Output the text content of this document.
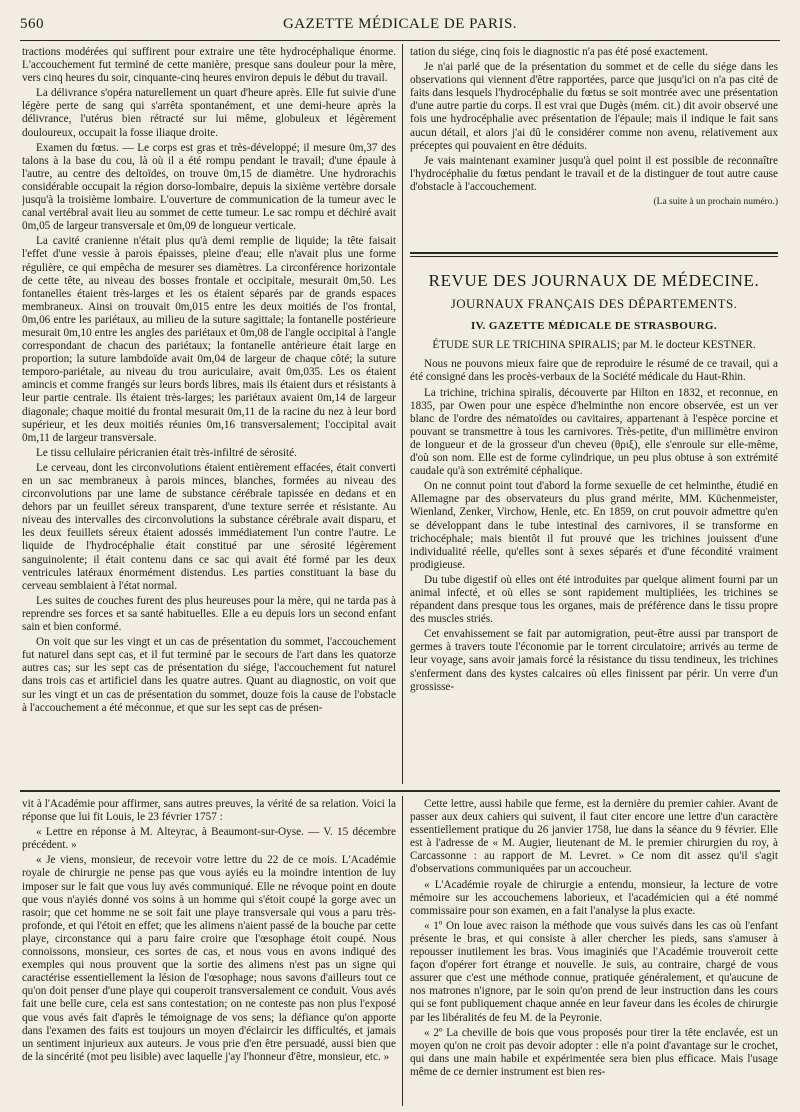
560	GAZETTE MÉDICALE DE PARIS.

tractions modérées qui suffirent pour extraire une tête hydrocéphalique énorme. L'accouchement fut terminé de cette manière, presque sans douleur pour la mère, vers cinq heures du soir, cinquante-cinq heures environ depuis le début du travail.

La délivrance s'opéra naturellement un quart d'heure après. Elle fut suivie d'une légère perte de sang qui s'arrêta spontanément, et une demi-heure après la délivrance, l'utérus bien rétracté sur lui même, globuleux et légèrement douloureux, occupait la fosse iliaque droite.

Examen du fœtus. — Le corps est gras et très-développé; il mesure 0m,37 des talons à la base du cou, là où il a été rompu pendant le travail; d'une épaule à l'autre, au centre des deltoïdes, on trouve 0m,15 de diamètre. Une hydrorachis considérable occupait la région dorso-lombaire, depuis la sixième vertèbre dorsale jusqu'à la troisième lombaire. L'ouverture de communication de la tumeur avec le canal vertébral avait lieu au sommet de cette tumeur. Le sac rompu et déchiré avait 0m,05 de largeur transversale et 0m,09 de longueur verticale.

La cavité cranienne n'était plus qu'à demi remplie de liquide; la tête faisait l'effet d'une vessie à parois épaisses, pleine d'eau; elle n'avait plus une forme régulière, ce qui empêcha de mesurer ses diamètres. La circonférence horizontale de cette tête, au niveau des bosses frontale et occipitale, mesurait 0m,50. Les fontanelles étaient très-larges et les os étaient séparés par de grands espaces membraneux. Ainsi on trouvait 0m,015 entre les deux moitiés de l'os frontal, 0m,06 entre les pariétaux, au milieu de la suture sagittale; la fontanelle postérieure mesurait 0m,10 entre les angles des pariétaux et 0m,08 de l'angle occipital à l'angle correspondant de chacun des pariétaux; la fontanelle antérieure était large en proportion; la suture lambdoïde avait 0m,04 de largeur de chaque côté; la suture temporo-pariétale, au niveau du trou auriculaire, avait 0m,035. Les os étaient amincis et comme frangés sur leurs bords libres, mais ils étaient durs et résistants à leur partie centrale. Ils étaient très-larges; les pariétaux avaient 0m,14 de largeur diagonale; chaque moitié du frontal mesurait 0m,11 de la racine du nez à leur bord supérieur, et les deux moitiés réunies 0m,16 transversalement; l'occipital avait 0m,11 de largeur transversale.

Le tissu cellulaire péricranien était très-infiltré de sérosité.

Le cerveau, dont les circonvolutions étaient entièrement effacées, était converti en un sac membraneux à parois minces, blanches, formées au niveau des circonvolutions par une lame de substance cérébrale tapissée en dedans et en dehors par un feuillet séreux transparent, d'une texture serrée et résistante. Au niveau des intervalles des circonvolutions la substance cérébrale avait disparu, et les deux feuillets séreux étaient adossés immédiatement l'un contre l'autre. Le liquide de l'hydrocéphalie était constitué par une sérosité légèrement sanguinolente; il était contenu dans ce sac qui avait été formé par les deux ventricules latéraux énormément distendus. Les parties constituant la base du cerveau semblaient à l'état normal.

Les suites de couches furent des plus heureuses pour la mère, qui ne tarda pas à reprendre ses forces et sa santé habituelles. Elle a eu depuis lors un second enfant sain et bien conformé.

On voit que sur les vingt et un cas de présentation du sommet, l'accouchement fut naturel dans sept cas, et il fut terminé par le secours de l'art dans les quatorze autres cas; sur les sept cas de présentation du siége, l'accouchement fut naturel dans trois cas et artificiel dans les quatre autres. Quant au diagnostic, on voit que sur les vingt et un cas de présentation du sommet, douze fois la cause de l'obstacle à l'accouchement a été méconnue, et que sur les sept cas de présen-

tation du siége, cinq fois le diagnostic n'a pas été posé exactement.

Je n'ai parlé que de la présentation du sommet et de celle du siége dans les observations qui viennent d'être rapportées, parce que jusqu'ici on n'a pas cité de faits dans lesquels l'hydrocéphalie du fœtus se soit montrée avec une présentation d'une autre partie du corps. Il est vrai que Dugès (mém. cit.) dit avoir observé une fois une hydrocéphalie avec présentation de l'épaule; mais il indique le fait sans aucun détail, et alors j'ai dû le considérer comme non avenu, relativement aux préceptes qui pouvaient en être déduits.

Je vais maintenant examiner jusqu'à quel point il est possible de reconnaître l'hydrocéphalie du fœtus pendant le travail et de la distinguer de tout autre cause d'obstacle à l'accouchement.

(La suite à un prochain numéro.)
REVUE DES JOURNAUX DE MÉDECINE.
JOURNAUX FRANÇAIS DES DÉPARTEMENTS.
IV. GAZETTE MÉDICALE DE STRASBOURG.

ÉTUDE SUR LE TRICHINA SPIRALIS; par M. le docteur KESTNER.

Nous ne pouvons mieux faire que de reproduire le résumé de ce travail, qui a été consigné dans les procès-verbaux de la Société médicale du Haut-Rhin.

La trichine, trichina spiralis, découverte par Hilton en 1832, et reconnue, en 1835, par Owen pour une espèce d'helminthe non encore observée, est un ver blanc de l'ordre des nématoïdes ou cavitaires, appartenant à l'espèce porcine et pouvant se transmettre à tous les carnivores. Très-petite, d'un millimètre environ de longueur et de la grosseur d'un cheveu (θριξ), elle s'enroule sur elle-même, d'où son nom. Elle est de forme cylindrique, un peu plus obtuse à son extrémité caudale qu'à son extrémité céphalique.

On ne connut point tout d'abord la forme sexuelle de cet helminthe, étudié en Allemagne par des observateurs du plus grand mérite, MM. Küchenmeister, Wienland, Zenker, Virchow, Henle, etc. En 1859, on crut pouvoir admettre qu'en se développant dans le tube intestinal des carnivores, il se transforme en trichocéphale; mais bientôt il fut prouvé que les trichines jouissent d'une individualité réelle, qu'elles sont à sexes séparés et d'une fécondité vraiment prodigieuse.

Du tube digestif où elles ont été introduites par quelque aliment fourni par un animal infecté, et où elles se sont rapidement multipliées, les trichines se répandent dans presque tous les organes, mais de préférence dans le tissu propre des muscles striés.

Cet envahissement se fait par automigration, peut-être aussi par transport de germes à travers toute l'économie par le torrent circulatoire; arrivés au terme de leur voyage, sans avoir jamais forcé la résistance du tissu tendineux, les trichines s'enferment dans des kystes calcaires où elles finissent par périr. Un verre d'un grossisse-

vit à l'Académie pour affirmer, sans autres preuves, la vérité de sa relation. Voici la réponse que lui fit Louis, le 23 février 1757 :

« Lettre en réponse à M. Alteyrac, à Beaumont-sur-Oyse. — V. 15 décembre précédent. »

« Je viens, monsieur, de recevoir votre lettre du 22 de ce mois. L'Académie royale de chirurgie ne pense pas que vous ayiés eu la moindre intention de luy imposer sur le fait que vous luy avés communiqué. Elle ne révoque point en doute que vous n'ayiés donné vos soins à un homme qui s'étoit coupé la gorge avec un rasoir; que cet homme ne se soit fait une playe transversale qui vous a paru très-profonde, et qui l'étoit en effet; que les alimens n'aient passé de la bouche par cette playe, circonstance qui a paru faire croire que l'œsophage étoit coupé. Nous connoissons, monsieur, ces sortes de cas, et nous vous en avons indiqué des exemples qui nous prouvent que la sortie des alimens n'est pas un signe qui caractérise essentiellement la lésion de l'œsophage; nous savons d'ailleurs tout ce qu'on doit penser d'une playe qui couperoit transversalement ce conduit. Vous avés fait une belle cure, cela est sans contestation; on ne conteste pas non plus l'exposé que vous avés fait d'après le témoignage de vos sens; la défiance qu'on apporte dans l'examen des faits est toujours un moyen d'éclaircir les difficultés, et jamais un sentiment injurieux aux auteurs. Je vous prie d'en être persuadé, aussi bien que de la sincérité (mot peu lisible) avec laquelle j'ay l'honneur d'être, monsieur, etc. »

Cette lettre, aussi habile que ferme, est la dernière du premier cahier. Avant de passer aux deux cahiers qui suivent, il faut citer encore une lettre d'un caractère essentiellement pratique du 26 janvier 1758, lue dans la séance du 9 février. Elle est à l'adresse de « M. Augier, lieutenant de M. le premier chirurgien du roy, à Carcassonne : au rapport de M. Levret. » Ce nom dit assez qu'il s'agit d'observations communiquées par un accoucheur.

« L'Académie royale de chirurgie a entendu, monsieur, la lecture de votre mémoire sur les accouchemens laborieux, et l'académicien qui a été nommé commissaire pour son examen, en a fait l'analyse la plus exacte.

« 1º On loue avec raison la méthode que vous suivés dans les cas où l'enfant présente le bras, et qui consiste à aller chercher les pieds, sans s'amuser à repousser inutilement les bras. Vous imaginiés que l'Académie trouveroit cette façon d'opérer fort étrange et nouvelle. Je suis, au contraire, chargé de vous assurer que c'est une méthode connue, pratiquée généralement, et qu'aucune de nos matrones n'ignore, par le soin qu'on prend de leur instruction dans les cours qui se font publiquement chaque année en leur faveur dans les écoles de chirurgie par les libéralités de feu M. de la Peyronie.

« 2º La cheville de bois que vous proposés pour tirer la tête enclavée, est un moyen qu'on ne croit pas devoir adopter : elle n'a point d'avantage sur le crochet, qui dans une main habile et expérimentée sera bien plus efficace. Mais l'usage même de ce dernier instrument est bien res-
